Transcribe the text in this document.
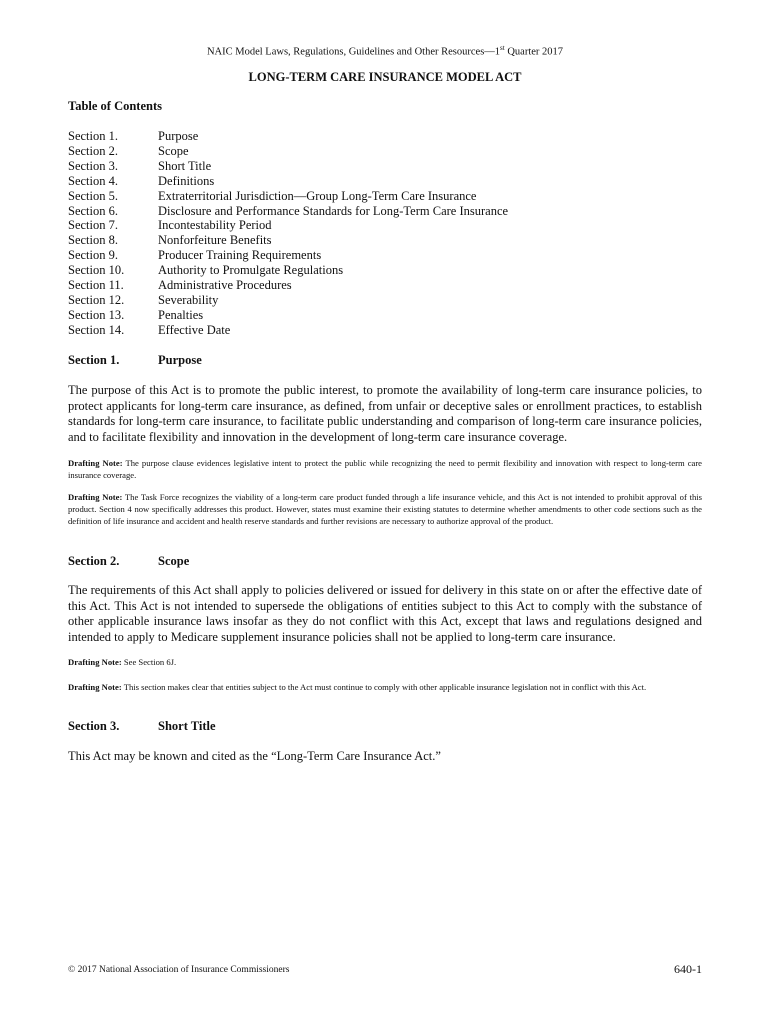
NAIC Model Laws, Regulations, Guidelines and Other Resources—1st Quarter 2017
LONG-TERM CARE INSURANCE MODEL ACT
Table of Contents
Section 1.	Purpose
Section 2.	Scope
Section 3.	Short Title
Section 4.	Definitions
Section 5.	Extraterritorial Jurisdiction—Group Long-Term Care Insurance
Section 6.	Disclosure and Performance Standards for Long-Term Care Insurance
Section 7.	Incontestability Period
Section 8.	Nonforfeiture Benefits
Section 9.	Producer Training Requirements
Section 10.	Authority to Promulgate Regulations
Section 11.	Administrative Procedures
Section 12.	Severability
Section 13.	Penalties
Section 14.	Effective Date
Section 1.	Purpose
The purpose of this Act is to promote the public interest, to promote the availability of long-term care insurance policies, to protect applicants for long-term care insurance, as defined, from unfair or deceptive sales or enrollment practices, to establish standards for long-term care insurance, to facilitate public understanding and comparison of long-term care insurance policies, and to facilitate flexibility and innovation in the development of long-term care insurance coverage.
Drafting Note: The purpose clause evidences legislative intent to protect the public while recognizing the need to permit flexibility and innovation with respect to long-term care insurance coverage.
Drafting Note: The Task Force recognizes the viability of a long-term care product funded through a life insurance vehicle, and this Act is not intended to prohibit approval of this product. Section 4 now specifically addresses this product. However, states must examine their existing statutes to determine whether amendments to other code sections such as the definition of life insurance and accident and health reserve standards and further revisions are necessary to authorize approval of the product.
Section 2.	Scope
The requirements of this Act shall apply to policies delivered or issued for delivery in this state on or after the effective date of this Act. This Act is not intended to supersede the obligations of entities subject to this Act to comply with the substance of other applicable insurance laws insofar as they do not conflict with this Act, except that laws and regulations designed and intended to apply to Medicare supplement insurance policies shall not be applied to long-term care insurance.
Drafting Note: See Section 6J.
Drafting Note: This section makes clear that entities subject to the Act must continue to comply with other applicable insurance legislation not in conflict with this Act.
Section 3.	Short Title
This Act may be known and cited as the “Long-Term Care Insurance Act.”
© 2017 National Association of Insurance Commissioners	640-1
